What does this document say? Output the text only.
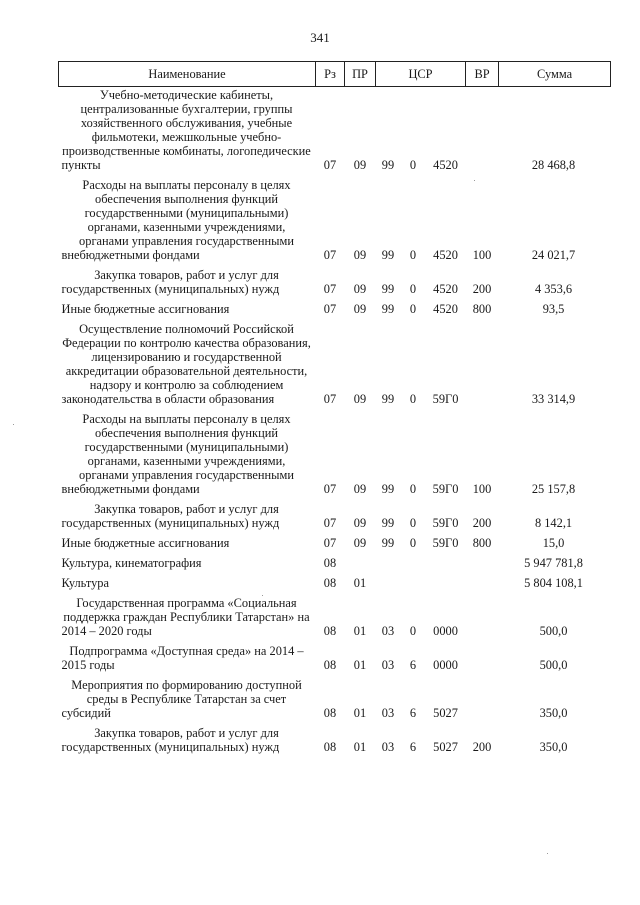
341
Наименование	Рз	ПР	ЦСР			ВР	Сумма
Учебно-методические кабинеты, централизованные бухгалтерии, группы хозяйственного обслуживания, учебные фильмотеки, межшкольные учебно-производственные комбинаты, логопедические пункты	07	09	99	0	4520		28 468,8
Расходы на выплаты персоналу в целях обеспечения выполнения функций государственными (муниципальными) органами, казенными учреждениями, органами управления государственными внебюджетными фондами	07	09	99	0	4520	100	24 021,7
Закупка товаров, работ и услуг для государственных (муниципальных) нужд	07	09	99	0	4520	200	4 353,6
Иные бюджетные ассигнования	07	09	99	0	4520	800	93,5
Осуществление полномочий Российской Федерации по контролю качества образования, лицензированию и государственной аккредитации образовательной деятельности, надзору и контролю за соблюдением законодательства в области образования	07	09	99	0	59Г0		33 314,9
Расходы на выплаты персоналу в целях обеспечения выполнения функций государственными (муниципальными) органами, казенными учреждениями, органами управления государственными внебюджетными фондами	07	09	99	0	59Г0	100	25 157,8
Закупка товаров, работ и услуг для государственных (муниципальных) нужд	07	09	99	0	59Г0	200	8 142,1
Иные бюджетные ассигнования	07	09	99	0	59Г0	800	15,0
Культура, кинематография	08						5 947 781,8
Культура	08	01					5 804 108,1
Государственная программа «Социальная поддержка граждан Республики Татарстан» на 2014 – 2020 годы	08	01	03	0	0000		500,0
Подпрограмма «Доступная среда» на 2014 – 2015 годы	08	01	03	6	0000		500,0
Мероприятия по формированию доступной среды в Республике Татарстан за счет субсидий	08	01	03	6	5027		350,0
Закупка товаров, работ и услуг для государственных (муниципальных) нужд	08	01	03	6	5027	200	350,0
